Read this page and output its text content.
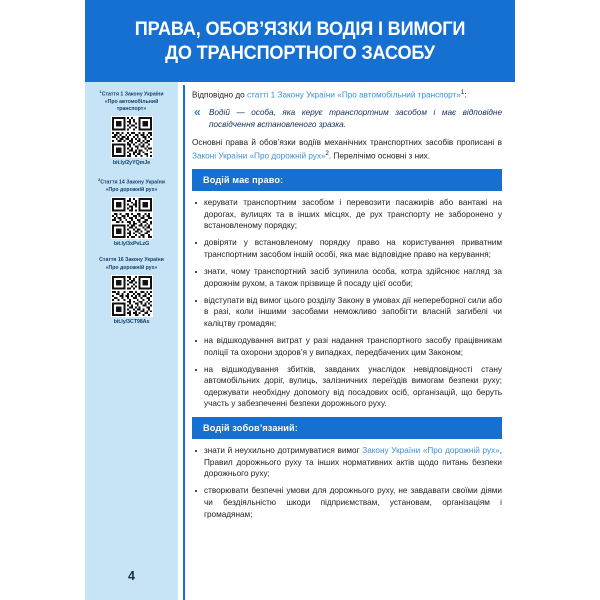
ПРАВА, ОБОВ’ЯЗКИ ВОДІЯ І ВИМОГИ
ДО ТРАНСПОРТНОГО ЗАСОБУ
$^1$Стаття 1 Закону України
«Про автомобільний
транспорт»
bit.ly/2yYQmJe
$^2$Стаття 14 Закону України
«Про дорожній рух»
bit.ly/3xPvLzG
Стаття 16 Закону України
«Про дорожній рух»
bit.ly/3CT98As
4

Відповідно до статті 1 Закону України «Про автомобільний транспорт»$^1$:

« Водій — особа, яка керує транспортним засобом і має відповідне посвідчення встановленого зразка.

Основні права й обов’язки водіїв механічних транспортних засобів прописані в Законі України «Про дорожній рух»$^2$. Перелічімо основні з них.

Водій має право:
керувати транспортним засобом і перевозити пасажирів або вантажі на дорогах, вулицях та в інших місцях, де рух транспорту не заборонено у встановленому порядку;
довіряти у встановленому порядку право на користування приватним транспортним засобом іншій особі, яка має відповідне право на керування;
знати, чому транспортний засіб зупинила особа, котра здійснює нагляд за дорожнім рухом, а також прізвище й посаду цієї особи;
відступати від вимог цього розділу Закону в умовах дії непереборної сили або в разі, коли іншими засобами неможливо запобігти власній загибелі чи каліцтву громадян;
на відшкодування витрат у разі надання транспортного засобу працівникам поліції та охорони здоров’я у випадках, передбачених цим Законом;
на відшкодування збитків, завданих унаслідок невідповідності стану автомобільних доріг, вулиць, залізничних переїздів вимогам безпеки руху; одержувати необхідну допомогу від посадових осіб, організацій, що беруть участь у забезпеченні безпеки дорожнього руху.
Водій зобов’язаний:
знати й неухильно дотримуватися вимог Закону України «Про дорожній рух», Правил дорожнього руху та інших нормативних актів щодо питань безпеки дорожнього руху;
створювати безпечні умови для дорожнього руху, не завдавати своїми діями чи бездіяльністю шкоди підприємствам, установам, організаціям і громадянам;
